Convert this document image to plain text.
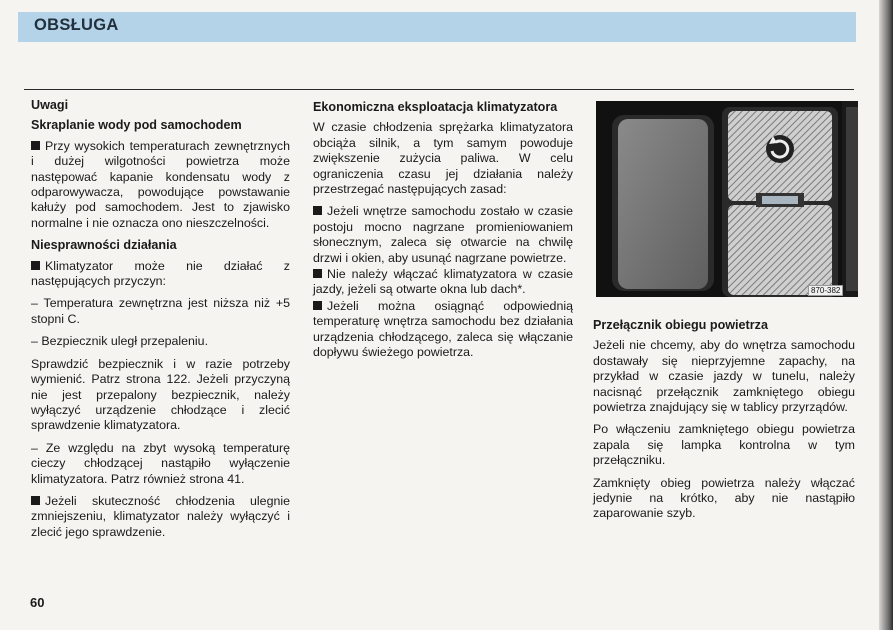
OBSŁUGA
Uwagi
Skraplanie wody pod samochodem

Przy wysokich temperaturach zewnętrznych i dużej wilgotności powietrza może następować kapanie kondensatu wody z odparowywacza, powodujące powstawanie kałuży pod samochodem. Jest to zjawisko normalne i nie oznacza ono nieszczelności.

Niesprawności działania

Klimatyzator może nie działać z następujących przyczyn:

– Temperatura zewnętrzna jest niższa niż +5 stopni C.

– Bezpiecznik uległ przepaleniu.

Sprawdzić bezpiecznik i w razie potrzeby wymienić. Patrz strona 122. Jeżeli przyczyną nie jest przepalony bezpiecznik, należy wyłączyć urządzenie chłodzące i zlecić sprawdzenie klimatyzatora.

– Ze względu na zbyt wysoką temperaturę cieczy chłodzącej nastąpiło wyłączenie klimatyzatora. Patrz również strona 41.

Jeżeli skuteczność chłodzenia ulegnie zmniejszeniu, klimatyzator należy wyłączyć i zlecić jego sprawdzenie.

Ekonomiczna eksploatacja klimatyzatora

W czasie chłodzenia sprężarka klimatyzatora obciąża silnik, a tym samym powoduje zwiększenie zużycia paliwa. W celu ograniczenia czasu jej działania należy przestrzegać następujących zasad:

Jeżeli wnętrze samochodu zostało w czasie postoju mocno nagrzane promieniowaniem słonecznym, zaleca się otwarcie na chwilę drzwi i okien, aby usunąć nagrzane powietrze.

Nie należy włączać klimatyzatora w czasie jazdy, jeżeli są otwarte okna lub dach*.

Jeżeli można osiągnąć odpowiednią temperaturę wnętrza samochodu bez działania urządzenia chłodzącego, zaleca się włączanie dopływu świeżego powietrza.

870-382
Przełącznik obiegu powietrza

Jeżeli nie chcemy, aby do wnętrza samochodu dostawały się nieprzyjemne zapachy, na przykład w czasie jazdy w tunelu, należy nacisnąć przełącznik zamkniętego obiegu powietrza znajdujący się w tablicy przyrządów.

Po włączeniu zamkniętego obiegu powietrza zapala się lampka kontrolna w tym przełączniku.

Zamknięty obieg powietrza należy włączać jedynie na krótko, aby nie nastąpiło zaparowanie szyb.

60
